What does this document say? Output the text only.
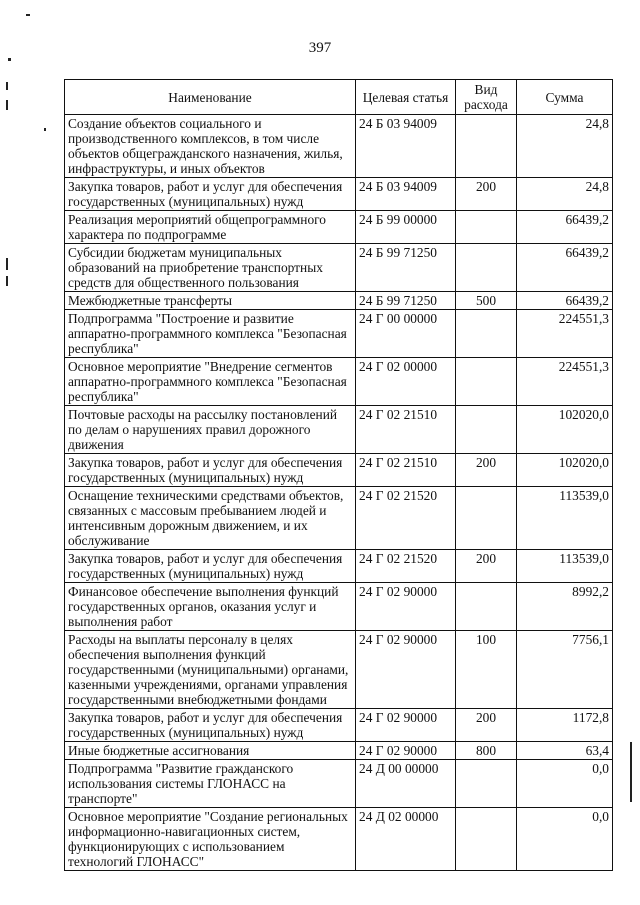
397
Наименование	Целевая статья	Вид расхода	Сумма
Создание объектов социального и производственного комплексов, в том числе объектов общегражданского назначения, жилья, инфраструктуры, и иных объектов	24 Б 03 94009		24,8
Закупка товаров, работ и услуг для обеспечения государственных (муниципальных) нужд	24 Б 03 94009	200	24,8
Реализация мероприятий общепрограммного характера по подпрограмме	24 Б 99 00000		66439,2
Субсидии бюджетам муниципальных образований на приобретение транспортных средств для общественного пользования	24 Б 99 71250		66439,2
Межбюджетные трансферты	24 Б 99 71250	500	66439,2
Подпрограмма "Построение и развитие аппаратно-программного комплекса "Безопасная республика"	24 Г 00 00000		224551,3
Основное мероприятие "Внедрение сегментов аппаратно-программного комплекса "Безопасная республика"	24 Г 02 00000		224551,3
Почтовые расходы на рассылку постановлений по делам о нарушениях правил дорожного движения	24 Г 02 21510		102020,0
Закупка товаров, работ и услуг для обеспечения государственных (муниципальных) нужд	24 Г 02 21510	200	102020,0
Оснащение техническими средствами объектов, связанных с массовым пребыванием людей и интенсивным дорожным движением, и их обслуживание	24 Г 02 21520		113539,0
Закупка товаров, работ и услуг для обеспечения государственных (муниципальных) нужд	24 Г 02 21520	200	113539,0
Финансовое обеспечение выполнения функций государственных органов, оказания услуг и выполнения работ	24 Г 02 90000		8992,2
Расходы на выплаты персоналу в целях обеспечения выполнения функций государственными (муниципальными) органами, казенными учреждениями, органами управления государственными внебюджетными фондами	24 Г 02 90000	100	7756,1
Закупка товаров, работ и услуг для обеспечения государственных (муниципальных) нужд	24 Г 02 90000	200	1172,8
Иные бюджетные ассигнования	24 Г 02 90000	800	63,4
Подпрограмма "Развитие гражданского использования системы ГЛОНАСС на транспорте"	24 Д 00 00000		0,0
Основное мероприятие "Создание региональных информационно-навигационных систем, функционирующих с использованием технологий ГЛОНАСС"	24 Д 02 00000		0,0
